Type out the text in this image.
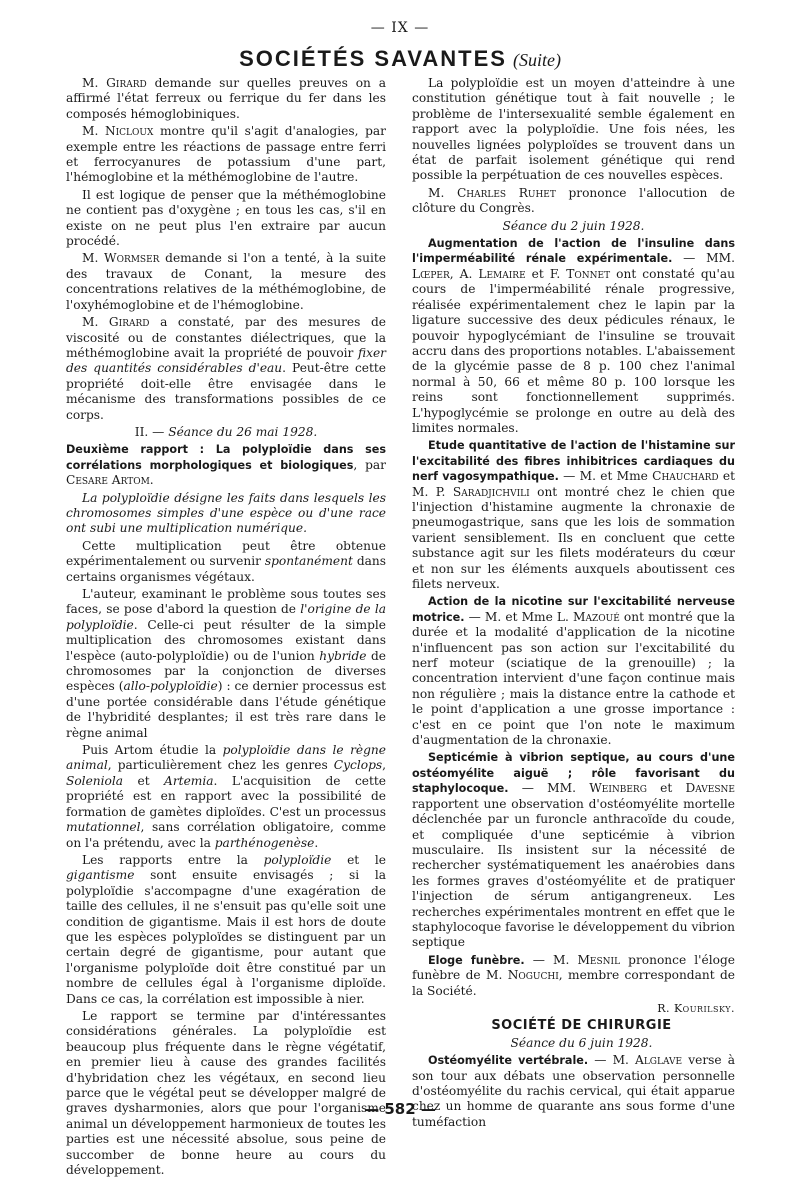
— IX —
SOCIÉTÉS SAVANTES (Suite)

M. Girard demande sur quelles preuves on a affirmé l'état ferreux ou ferrique du fer dans les composés hémoglobiniques.

M. Nicloux montre qu'il s'agit d'analogies, par exemple entre les réactions de passage entre ferri et ferrocyanures de potassium d'une part, l'hémoglobine et la méthémoglobine de l'autre.

Il est logique de penser que la méthémoglobine ne contient pas d'oxygène ; en tous les cas, s'il en existe on ne peut plus l'en extraire par aucun procédé.

M. Wormser demande si l'on a tenté, à la suite des travaux de Conant, la mesure des concentrations relatives de la méthémoglobine, de l'oxyhémoglobine et de l'hémoglobine.

M. Girard a constaté, par des mesures de viscosité ou de constantes diélectriques, que la méthémoglobine avait la propriété de pouvoir fixer des quantités considérables d'eau. Peut-être cette propriété doit-elle être envisagée dans le mécanisme des transformations possibles de ce corps.

II. — Séance du 26 mai 1928.

Deuxième rapport : La polyploïdie dans ses corrélations morphologiques et biologiques, par Cesare Artom.

La polyploïdie désigne les faits dans lesquels les chromosomes simples d'une espèce ou d'une race ont subi une multiplication numérique.

Cette multiplication peut être obtenue expérimentalement ou survenir spontanément dans certains organismes végétaux.

L'auteur, examinant le problème sous toutes ses faces, se pose d'abord la question de l'origine de la polyploïdie. Celle-ci peut résulter de la simple multiplication des chromosomes existant dans l'espèce (auto-polyploïdie) ou de l'union hybride de chromosomes par la conjonction de diverses espèces (allo-polyploïdie) : ce dernier processus est d'une portée considérable dans l'étude génétique de l'hybridité desplantes; il est très rare dans le règne animal

Puis Artom étudie la polyploïdie dans le règne animal, particulièrement chez les genres Cyclops, Soleniola et Artemia. L'acquisition de cette propriété est en rapport avec la possibilité de formation de gamètes diploïdes. C'est un processus mutationnel, sans corrélation obligatoire, comme on l'a prétendu, avec la parthénogenèse.

Les rapports entre la polyploïdie et le gigantisme sont ensuite envisagés ; si la polyploïdie s'accompagne d'une exagération de taille des cellules, il ne s'ensuit pas qu'elle soit une condition de gigantisme. Mais il est hors de doute que les espèces polyploïdes se distinguent par un certain degré de gigantisme, pour autant que l'organisme polyploïde doit être constitué par un nombre de cellules égal à l'organisme diploïde. Dans ce cas, la corrélation est impossible à nier.

Le rapport se termine par d'intéressantes considérations générales. La polyploïdie est beaucoup plus fréquente dans le règne végétatif, en premier lieu à cause des grandes facilités d'hybridation chez les végétaux, en second lieu parce que le végétal peut se développer malgré de graves dysharmonies, alors que pour l'organisme animal un développement harmonieux de toutes les parties est une nécessité absolue, sous peine de succomber de bonne heure au cours du développement.

La polyploïdie est un moyen d'atteindre à une constitution génétique tout à fait nouvelle ; le problème de l'intersexualité semble également en rapport avec la polyploïdie. Une fois nées, les nouvelles lignées polyploïdes se trouvent dans un état de parfait isolement génétique qui rend possible la perpétuation de ces nouvelles espèces.

M. Charles Ruhet prononce l'allocution de clôture du Congrès.

Séance du 2 juin 1928.

Augmentation de l'action de l'insuline dans l'imperméabilité rénale expérimentale. — MM. Lœper, A. Lemaire et F. Tonnet ont constaté qu'au cours de l'imperméabilité rénale progressive, réalisée expérimentalement chez le lapin par la ligature successive des deux pédicules rénaux, le pouvoir hypoglycémiant de l'insuline se trouvait accru dans des proportions notables. L'abaissement de la glycémie passe de 8 p. 100 chez l'animal normal à 50, 66 et même 80 p. 100 lorsque les reins sont fonctionnellement supprimés. L'hypoglycémie se prolonge en outre au delà des limites normales.

Etude quantitative de l'action de l'histamine sur l'excitabilité des fibres inhibitrices cardiaques du nerf vagosympathique. — M. et Mme Chauchard et M. P. Saradjichvili ont montré chez le chien que l'injection d'histamine augmente la chronaxie de pneumogastrique, sans que les lois de sommation varient sensiblement. Ils en concluent que cette substance agit sur les filets modérateurs du cœur et non sur les éléments auxquels aboutissent ces filets nerveux.

Action de la nicotine sur l'excitabilité nerveuse motrice. — M. et Mme L. Mazoué ont montré que la durée et la modalité d'application de la nicotine n'influencent pas son action sur l'excitabilité du nerf moteur (sciatique de la grenouille) ; la concentration intervient d'une façon continue mais non régulière ; mais la distance entre la cathode et le point d'application a une grosse importance : c'est en ce point que l'on note le maximum d'augmentation de la chronaxie.

Septicémie à vibrion septique, au cours d'une ostéomyélite aiguë ; rôle favorisant du staphylocoque. — MM. Weinberg et Davesne rapportent une observation d'ostéomyélite mortelle déclenchée par un furoncle anthracoïde du coude, et compliquée d'une septicémie à vibrion musculaire. Ils insistent sur la nécessité de rechercher systématiquement les anaérobies dans les formes graves d'ostéomyélite et de pratiquer l'injection de sérum antigangreneux. Les recherches expérimentales montrent en effet que le staphylocoque favorise le développement du vibrion septique

Eloge funèbre. — M. Mesnil prononce l'éloge funèbre de M. Noguchi, membre correspondant de la Société.

R. Kourilsky.

SOCIÉTÉ DE CHIRURGIE

Séance du 6 juin 1928.

Ostéomyélite vertébrale. — M. Alglave verse à son tour aux débats une observation personnelle d'ostéomyélite du rachis cervical, qui était apparue chez un homme de quarante ans sous forme d'une tuméfaction

— 582 —
